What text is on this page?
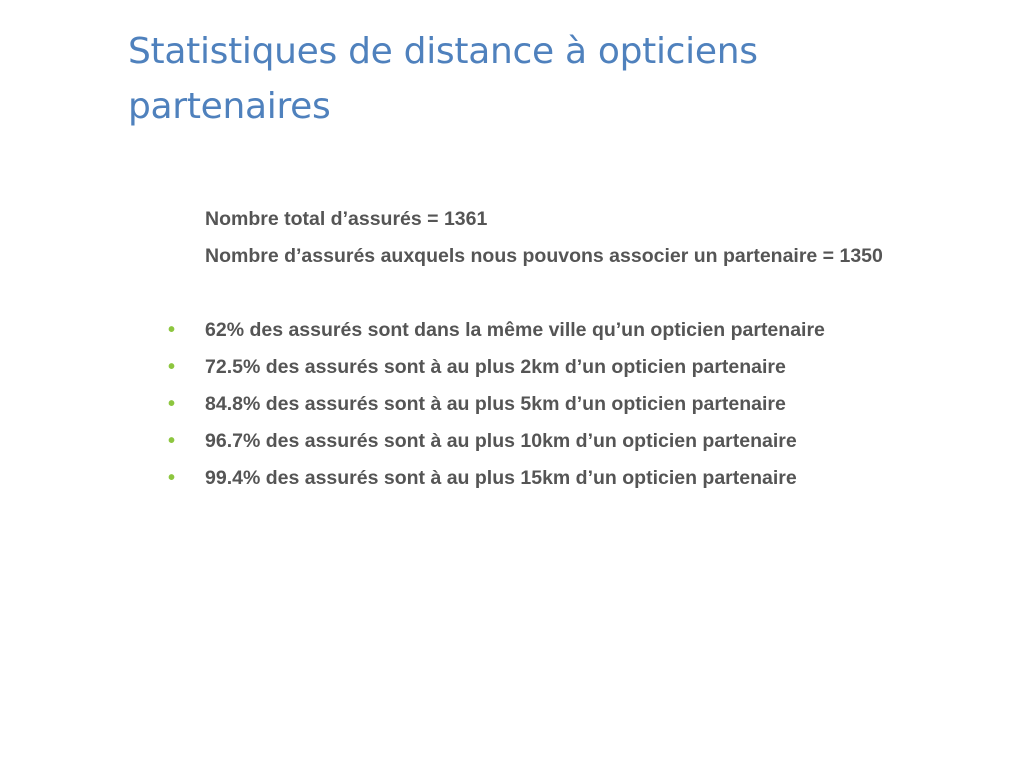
Statistiques de distance à opticiens partenaires
Nombre total d’assurés = 1361
Nombre d’assurés auxquels nous pouvons associer un partenaire = 1350
• 62% des assurés sont dans la même ville qu’un opticien partenaire
• 72.5% des assurés sont à au plus 2km d’un opticien partenaire
• 84.8% des assurés sont à au plus 5km d’un opticien partenaire
• 96.7% des assurés sont à au plus 10km d’un opticien partenaire
• 99.4% des assurés sont à au plus 15km d’un opticien partenaire
